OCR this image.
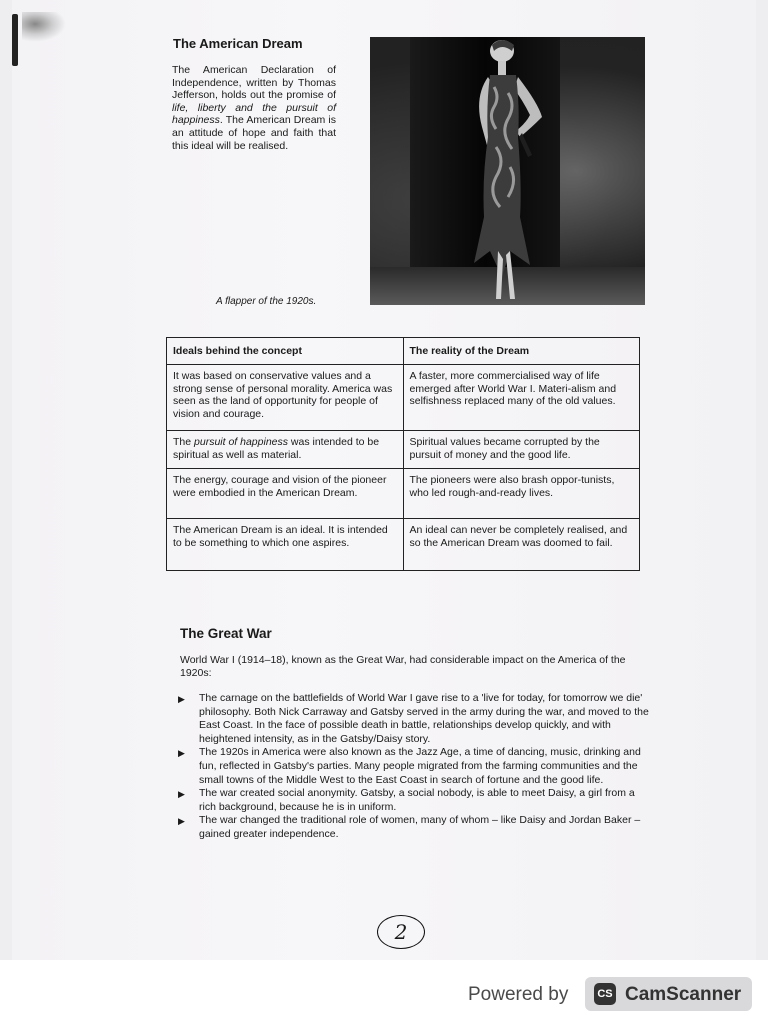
The American Dream

The American Declaration of Independence, written by Thomas Jefferson, holds out the promise of life, liberty and the pursuit of happiness. The American Dream is an attitude of hope and faith that this ideal will be realised.

A flapper of the 1920s.

Ideals behind the concept	The reality of the Dream
It was based on conservative values and a strong sense of personal morality. America was seen as the land of opportunity for people of vision and courage.	A faster, more commercialised way of life emerged after World War I. Materi-alism and selfishness replaced many of the old values.
The pursuit of happiness was intended to be spiritual as well as material.	Spiritual values became corrupted by the pursuit of money and the good life.
The energy, courage and vision of the pioneer were embodied in the American Dream.	The pioneers were also brash oppor-tunists, who led rough-and-ready lives.
The American Dream is an ideal. It is intended to be something to which one aspires.	An ideal can never be completely realised, and so the American Dream was doomed to fail.
The Great War

World War I (1914–18), known as the Great War, had considerable impact on the America of the 1920s:

▶ The carnage on the battlefields of World War I gave rise to a 'live for today, for tomorrow we die' philosophy. Both Nick Carraway and Gatsby served in the army during the war, and moved to the East Coast. In the face of possible death in battle, relationships develop quickly, and with heightened intensity, as in the Gatsby/Daisy story.
▶ The 1920s in America were also known as the Jazz Age, a time of dancing, music, drinking and fun, reflected in Gatsby's parties. Many people migrated from the farming communities and the small towns of the Middle West to the East Coast in search of fortune and the good life.
▶ The war created social anonymity. Gatsby, a social nobody, is able to meet Daisy, a girl from a rich background, because he is in uniform.
▶ The war changed the traditional role of women, many of whom – like Daisy and Jordan Baker – gained greater independence.
2

Powered by	CS CamScanner
